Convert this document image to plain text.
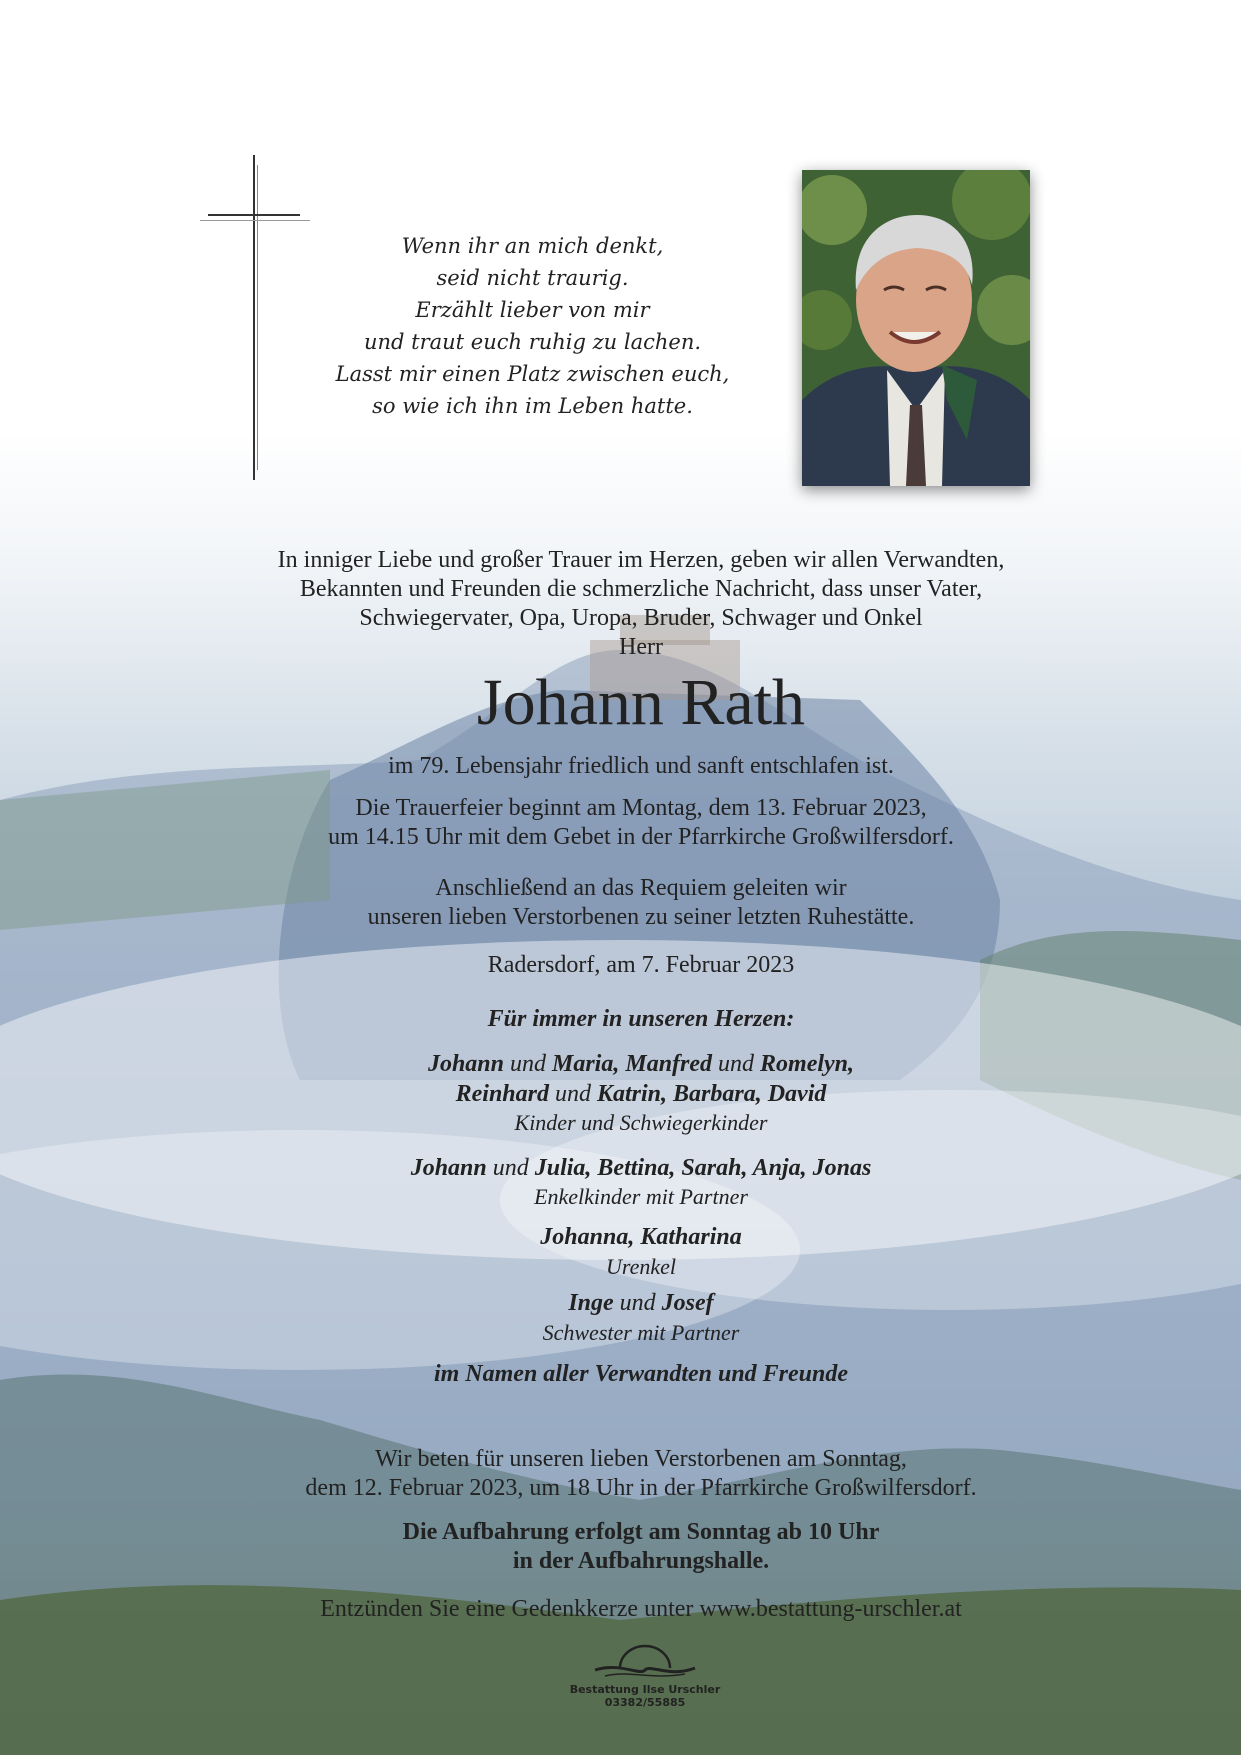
Wenn ihr an mich denkt,
seid nicht traurig.
Erzählt lieber von mir
und traut euch ruhig zu lachen.
Lasst mir einen Platz zwischen euch,
so wie ich ihn im Leben hatte.
In inniger Liebe und großer Trauer im Herzen, geben wir allen Verwandten,
Bekannten und Freunden die schmerzliche Nachricht, dass unser Vater,
Schwiegervater, Opa, Uropa, Bruder, Schwager und Onkel
Herr
Johann Rath
im 79. Lebensjahr friedlich und sanft entschlafen ist.
Die Trauerfeier beginnt am Montag, dem 13. Februar 2023,
um 14.15 Uhr mit dem Gebet in der Pfarrkirche Großwilfersdorf.
Anschließend an das Requiem geleiten wir
unseren lieben Verstorbenen zu seiner letzten Ruhestätte.
Radersdorf, am 7. Februar 2023
Für immer in unseren Herzen:
Johann und Maria, Manfred und Romelyn,
Reinhard und Katrin, Barbara, David
Kinder und Schwiegerkinder
Johann und Julia, Bettina, Sarah, Anja, Jonas
Enkelkinder mit Partner
Johanna, Katharina
Urenkel
Inge und Josef
Schwester mit Partner
im Namen aller Verwandten und Freunde
Wir beten für unseren lieben Verstorbenen am Sonntag,
dem 12. Februar 2023, um 18 Uhr in der Pfarrkirche Großwilfersdorf.
Die Aufbahrung erfolgt am Sonntag ab 10 Uhr
in der Aufbahrungshalle.
Entzünden Sie eine Gedenkkerze unter www.bestattung-urschler.at
Bestattung Ilse Urschler
03382/55885
